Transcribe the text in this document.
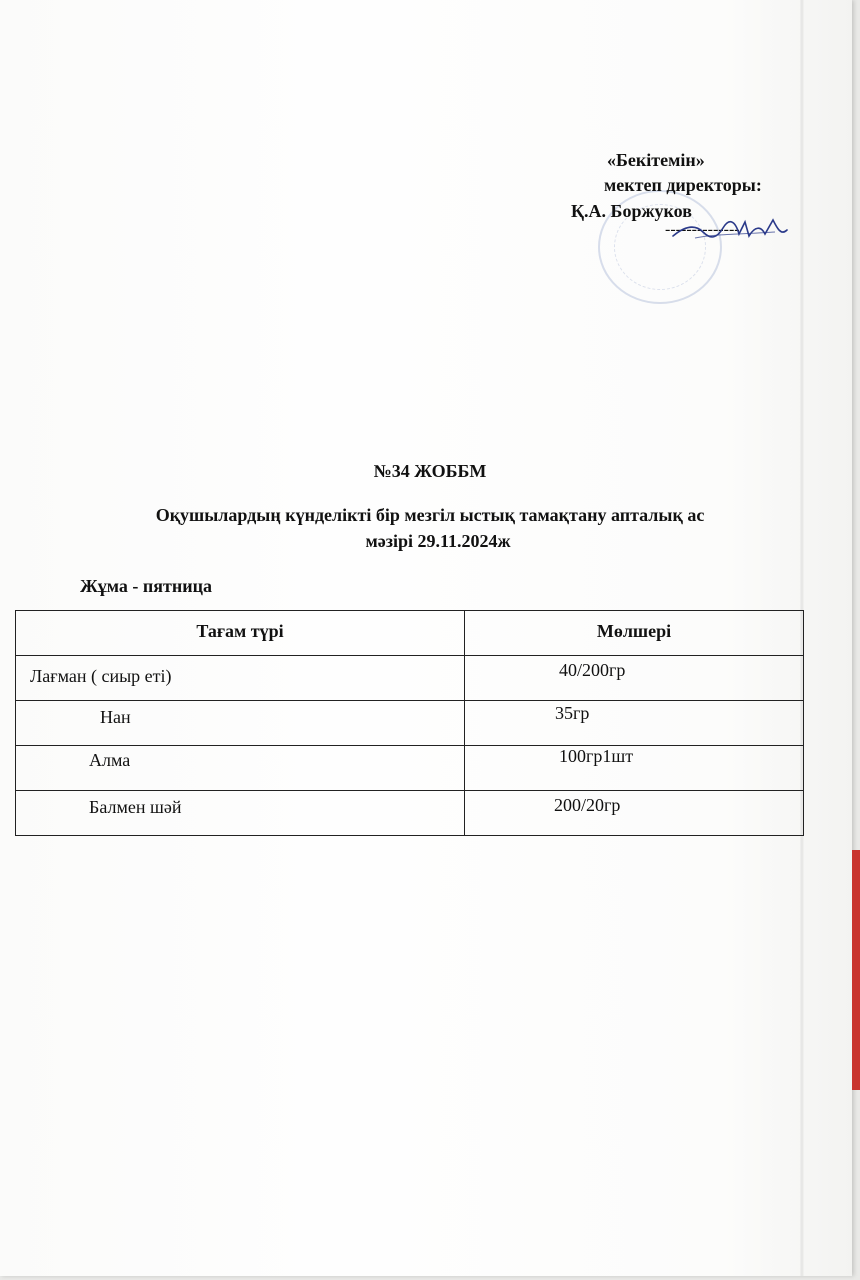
«Бекітемін»
мектеп директоры:
Қ.А. Боржуков
--------------
№34 ЖОББМ
Оқушылардың күнделікті бір мезгіл ыстық тамақтану апталық ас
мәзірі 29.11.2024ж
Жұма - пятница
Тағам түрі	Мөлшері

Лағман ( сиыр еті)	40/200гр

Нан	35гр

Алма	100гр1шт

Балмен шәй	200/20гр
